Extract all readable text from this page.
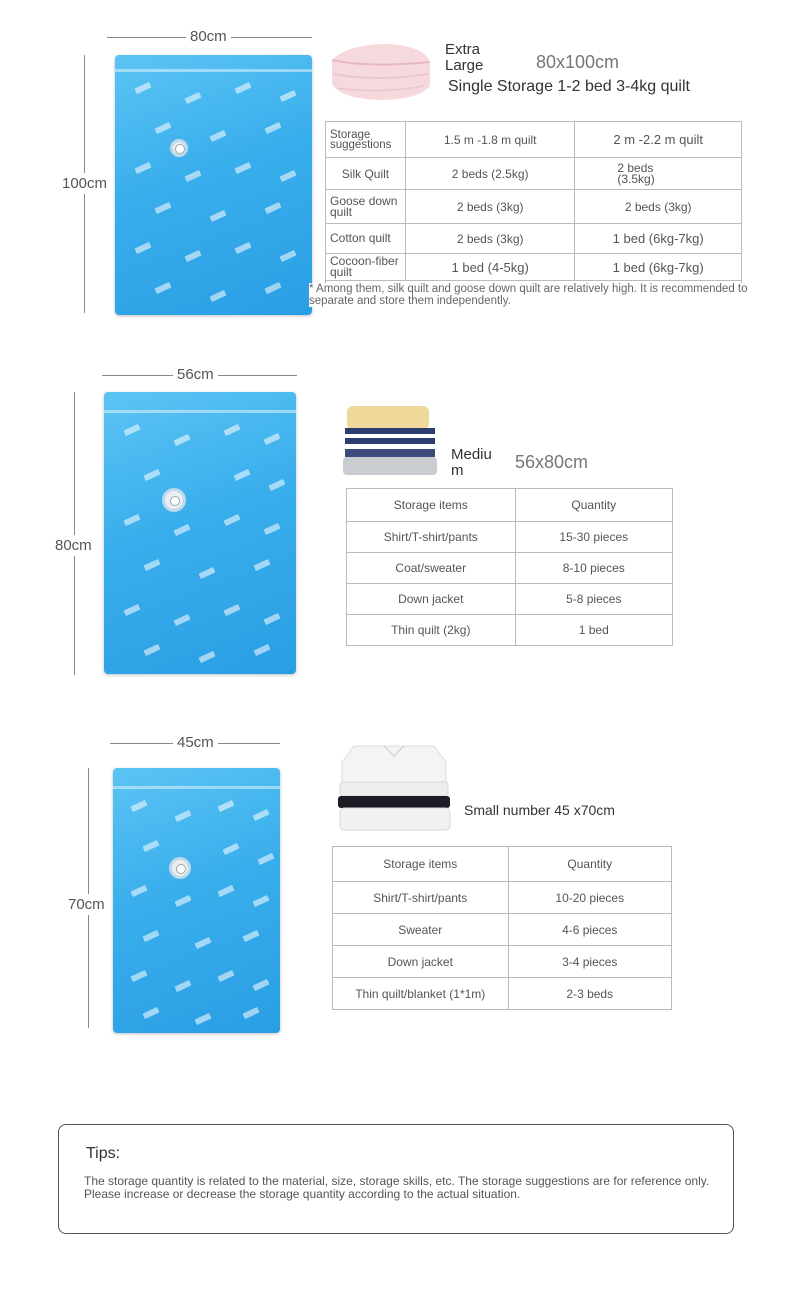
80cm
100cm
Extra
Large	80x100cm
Single Storage 1-2 bed 3-4kg quilt
Storage suggestions	1.5 m -1.8 m quilt	2 m -2.2 m quilt
Silk Quilt	2 beds (2.5kg)	2 beds
(3.5kg)
Goose down quilt	2 beds (3kg)	2 beds (3kg)
Cotton quilt	2 beds (3kg)	1 bed (6kg-7kg)
Cocoon-fiber quilt	1 bed (4-5kg)	1 bed (6kg-7kg)

* Among them, silk quilt and goose down quilt are relatively high. It is recommended to separate and store them independently.
56cm
80cm
Mediu
m	56x80cm
Storage items	Quantity
Shirt/T-shirt/pants	15-30 pieces
Coat/sweater	8-10 pieces
Down jacket	5-8 pieces
Thin quilt (2kg)	1 bed
45cm
70cm
Small number 45 x70cm
Storage items	Quantity
Shirt/T-shirt/pants	10-20 pieces
Sweater	4-6 pieces
Down jacket	3-4 pieces
Thin quilt/blanket (1*1m)	2-3 beds
Tips:
The storage quantity is related to the material, size, storage skills, etc. The storage suggestions are for reference only. Please increase or decrease the storage quantity according to the actual situation.
